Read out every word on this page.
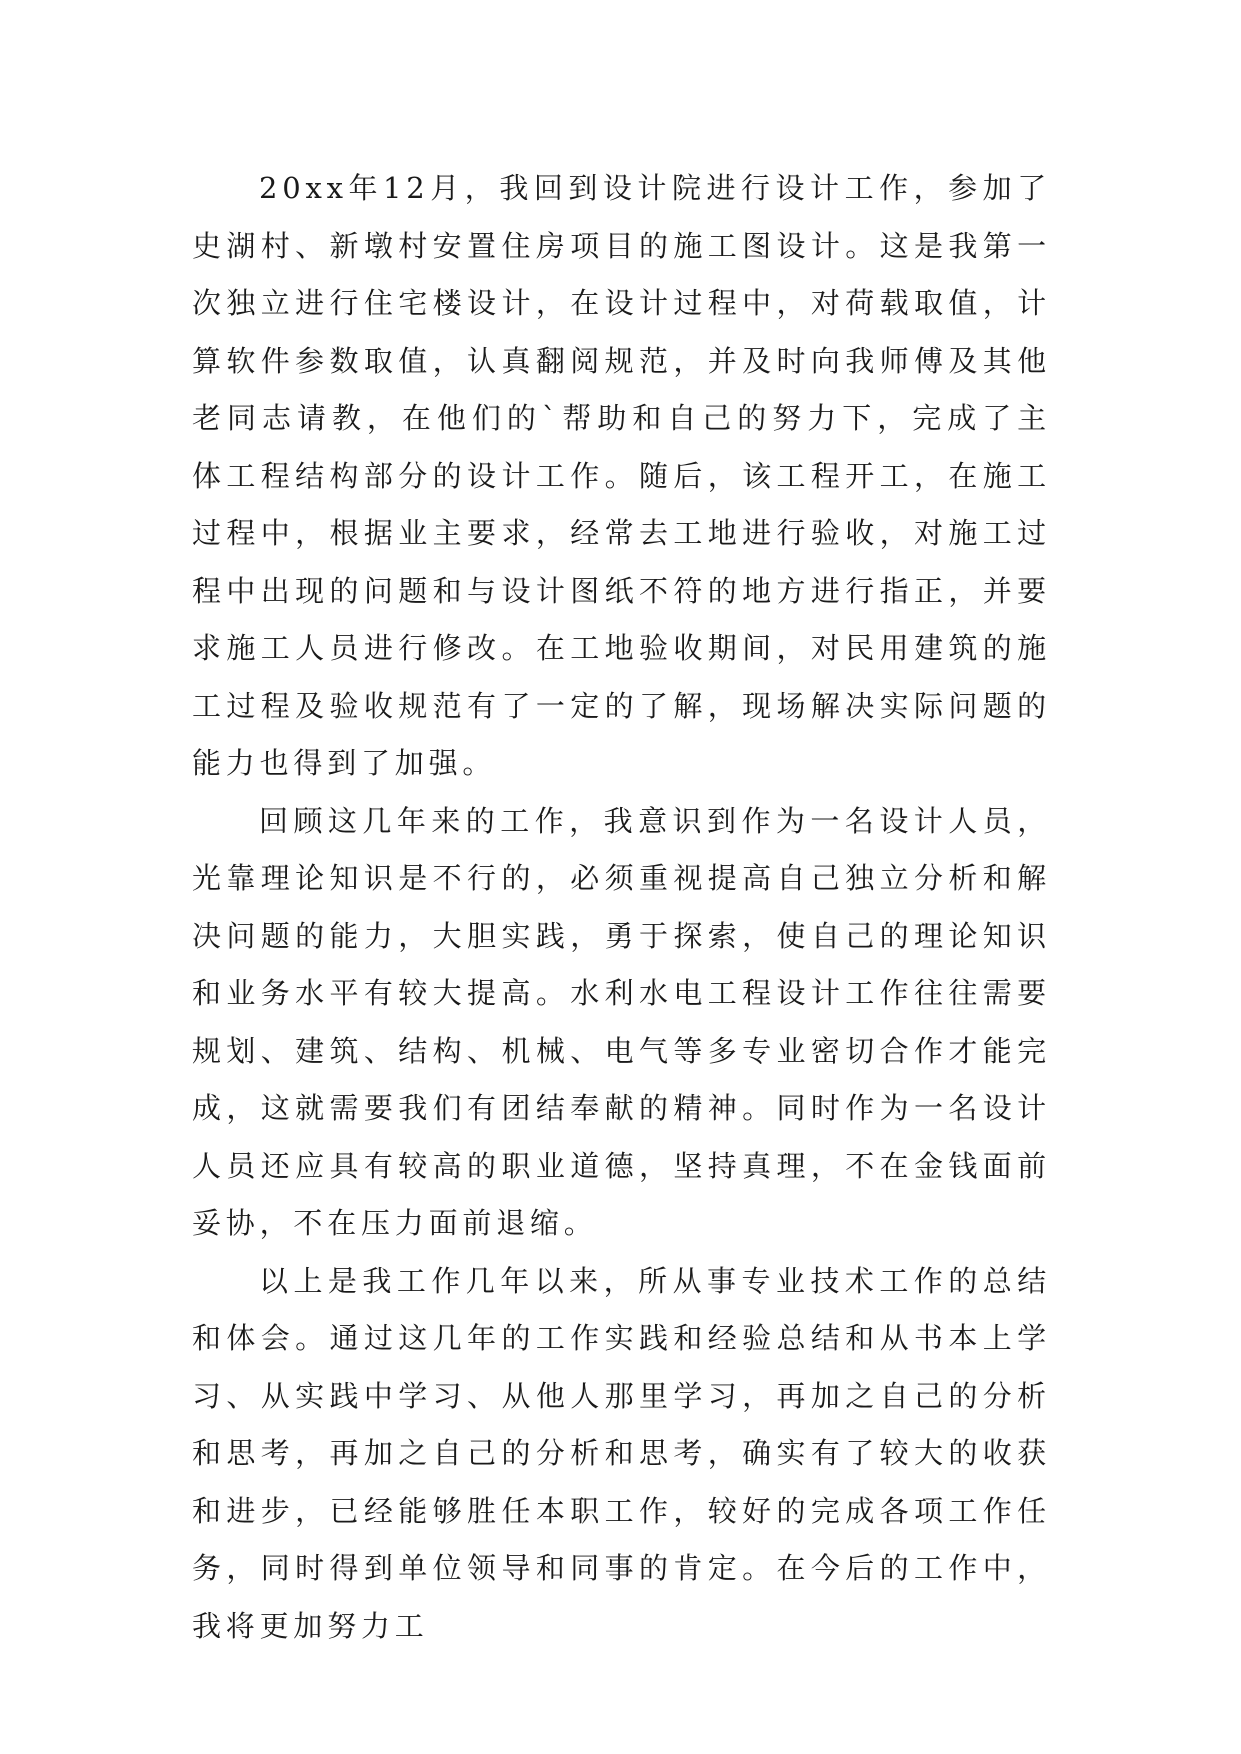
20xx年12月，我回到设计院进行设计工作，参加了史湖村、新墩村安置住房项目的施工图设计。这是我第一次独立进行住宅楼设计，在设计过程中，对荷载取值，计算软件参数取值，认真翻阅规范，并及时向我师傅及其他老同志请教，在他们的`帮助和自己的努力下，完成了主体工程结构部分的设计工作。随后，该工程开工，在施工过程中，根据业主要求，经常去工地进行验收，对施工过程中出现的问题和与设计图纸不符的地方进行指正，并要求施工人员进行修改。在工地验收期间，对民用建筑的施工过程及验收规范有了一定的了解，现场解决实际问题的能力也得到了加强。

回顾这几年来的工作，我意识到作为一名设计人员，光靠理论知识是不行的，必须重视提高自己独立分析和解决问题的能力，大胆实践，勇于探索，使自己的理论知识和业务水平有较大提高。水利水电工程设计工作往往需要规划、建筑、结构、机械、电气等多专业密切合作才能完成，这就需要我们有团结奉献的精神。同时作为一名设计人员还应具有较高的职业道德，坚持真理，不在金钱面前妥协，不在压力面前退缩。

以上是我工作几年以来，所从事专业技术工作的总结和体会。通过这几年的工作实践和经验总结和从书本上学习、从实践中学习、从他人那里学习，再加之自己的分析和思考，再加之自己的分析和思考，确实有了较大的收获和进步，已经能够胜任本职工作，较好的完成各项工作任务，同时得到单位领导和同事的肯定。在今后的工作中，我将更加努力工
